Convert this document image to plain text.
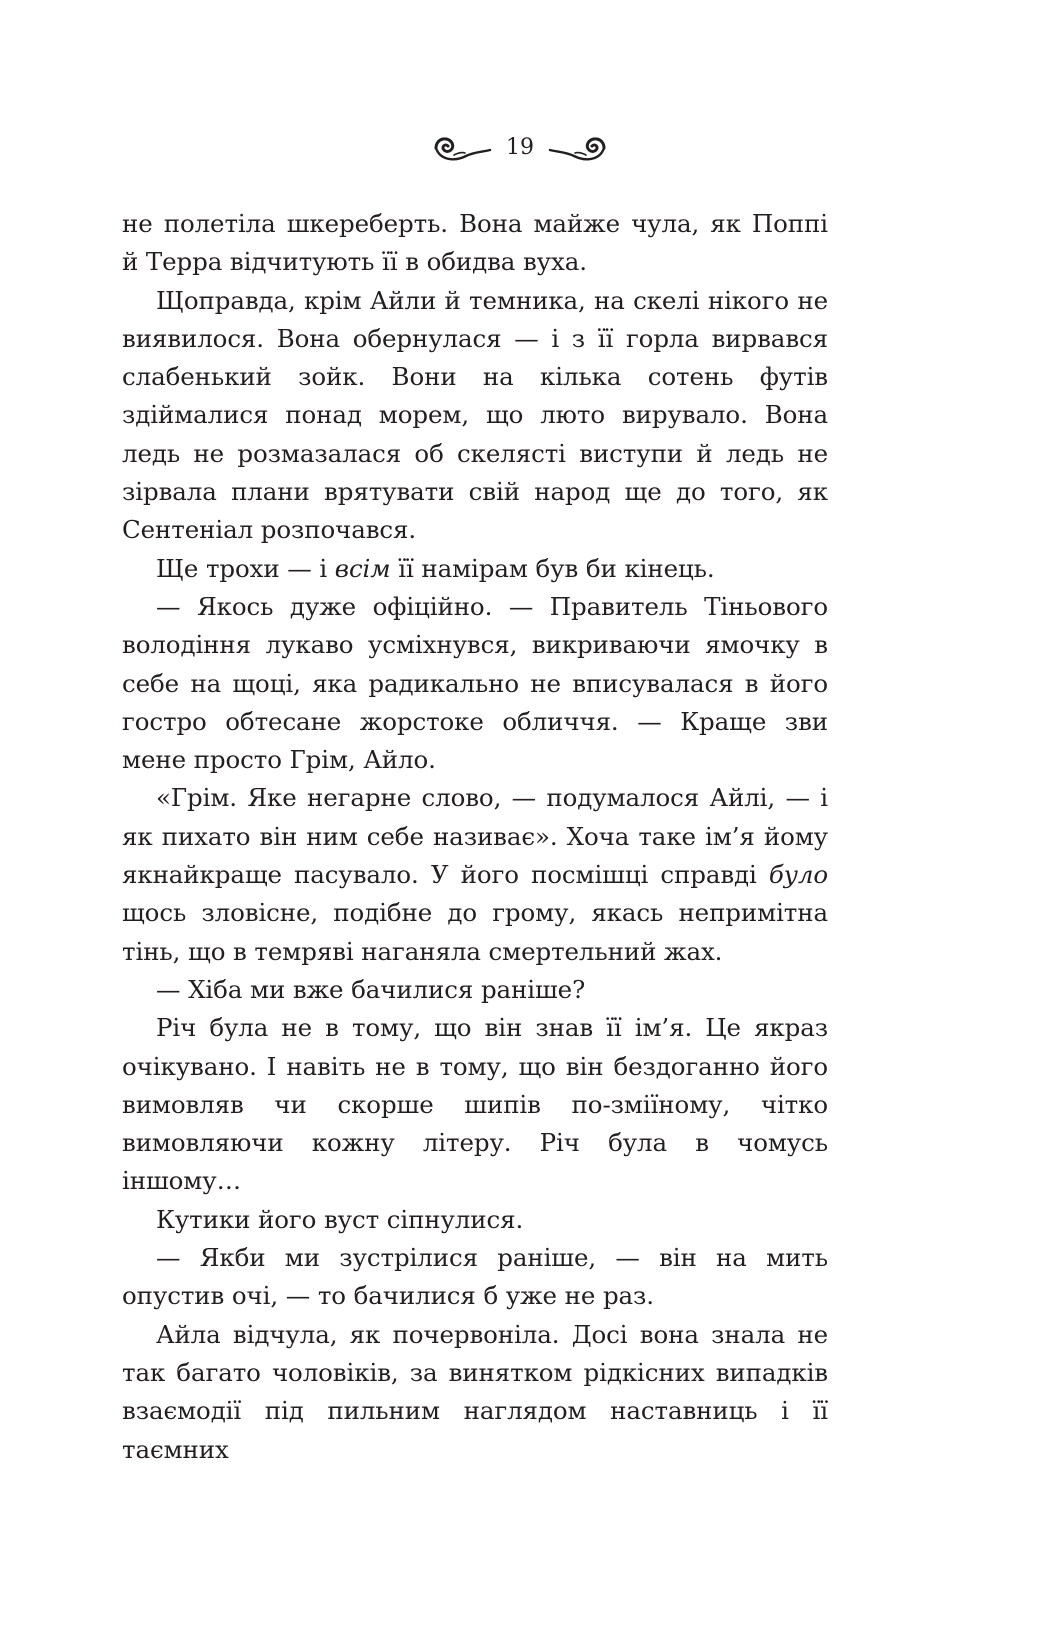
19

не полетіла шкереберть. Вона майже чула, як Поппі й Терра відчитують її в обидва вуха.

Щоправда, крім Айли й темника, на скелі нікого не виявилося. Вона обернулася — і з її горла вирвався слабенький зойк. Вони на кілька сотень футів здіймалися понад морем, що люто вирувало. Вона ледь не розмазалася об скелясті виступи й ледь не зірвала плани врятувати свій народ ще до того, як Сентеніал розпочався.

Ще трохи — і всім її намірам був би кінець.

— Якось дуже офіційно. — Правитель Тіньового володіння лукаво усміхнувся, викриваючи ямочку в себе на щоці, яка радикально не вписувалася в його гостро обтесане жорстоке обличчя. — Краще зви мене просто Грім, Айло.

«Грім. Яке негарне слово, — подумалося Айлі, — і як пихато він ним себе називає». Хоча таке ім’я йому якнайкраще пасувало. У його посмішці справді було щось зловісне, подібне до грому, якась непримітна тінь, що в темряві наганяла смертельний жах.

— Хіба ми вже бачилися раніше?

Річ була не в тому, що він знав її ім’я. Це якраз очікувано. І навіть не в тому, що він бездоганно його вимовляв чи скорше шипів по-зміїному, чітко вимовляючи кожну літеру. Річ була в чомусь іншому…

Кутики його вуст сіпнулися.

— Якби ми зустрілися раніше, — він на мить опустив очі, — то бачилися б уже не раз.

Айла відчула, як почервоніла. Досі вона знала не так багато чоловіків, за винятком рідкісних випадків взаємодії під пильним наглядом наставниць і її таємних
